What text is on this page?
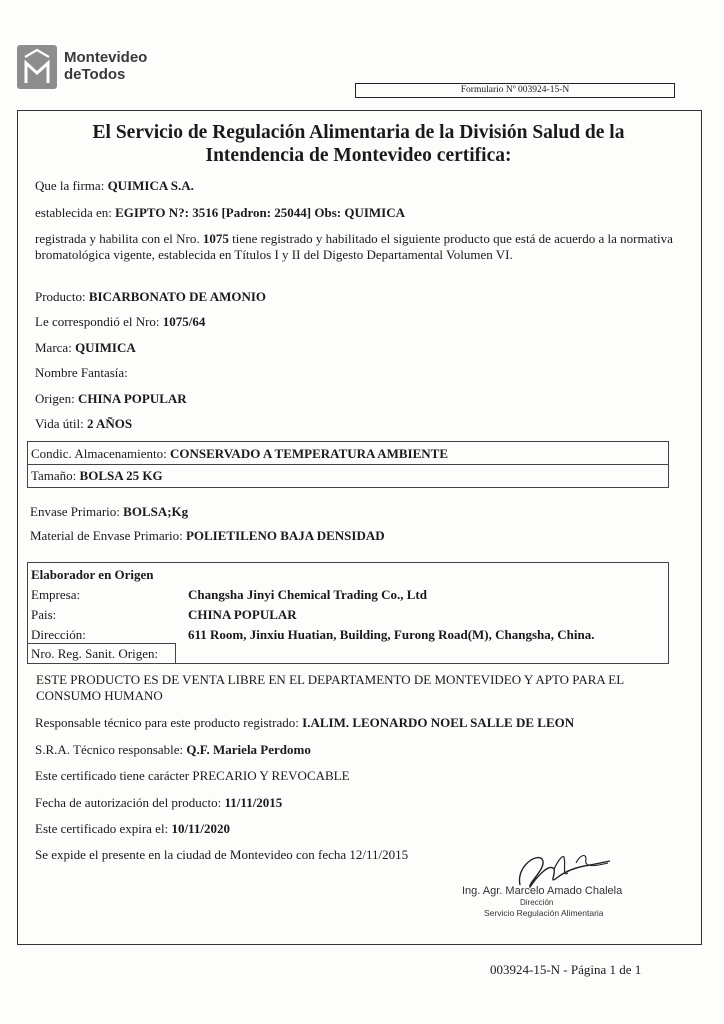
Montevideo
deTodos
Formulario Nº 003924-15-N
El Servicio de Regulación Alimentaria de la División Salud de la
Intendencia de Montevideo certifica:
Que la firma: QUIMICA S.A.
establecida en: EGIPTO N?: 3516 [Padron: 25044] Obs: QUIMICA
registrada y habilita con el Nro. 1075 tiene registrado y habilitado el siguiente producto que está de acuerdo a la normativa bromatológica vigente, establecida en Títulos I y II del Digesto Departamental Volumen VI.
Producto: BICARBONATO DE AMONIO
Le correspondió el Nro: 1075/64
Marca: QUIMICA
Nombre Fantasía:
Origen: CHINA POPULAR
Vida útil: 2 AÑOS
Condic. Almacenamiento: CONSERVADO A TEMPERATURA AMBIENTE
Tamaño: BOLSA 25 KG
Envase Primario: BOLSA;Kg
Material de Envase Primario: POLIETILENO BAJA DENSIDAD
Elaborador en Origen
Empresa:	Changsha Jinyi Chemical Trading Co., Ltd
Pais:	CHINA POPULAR
Dirección:	611 Room, Jinxiu Huatian, Building, Furong Road(M), Changsha, China.
Nro. Reg. Sanit. Origen:
ESTE PRODUCTO ES DE VENTA LIBRE EN EL DEPARTAMENTO DE MONTEVIDEO Y APTO PARA EL CONSUMO HUMANO
Responsable técnico para este producto registrado: I.ALIM. LEONARDO NOEL SALLE DE LEON
S.R.A. Técnico responsable: Q.F. Mariela Perdomo
Este certificado tiene carácter PRECARIO Y REVOCABLE
Fecha de autorización del producto: 11/11/2015
Este certificado expira el: 10/11/2020
Se expide el presente en la ciudad de Montevideo con fecha 12/11/2015
Ing. Agr. Marcelo Amado Chalela
Dirección
Servicio Regulación Alimentaria
003924-15-N - Página 1 de 1
